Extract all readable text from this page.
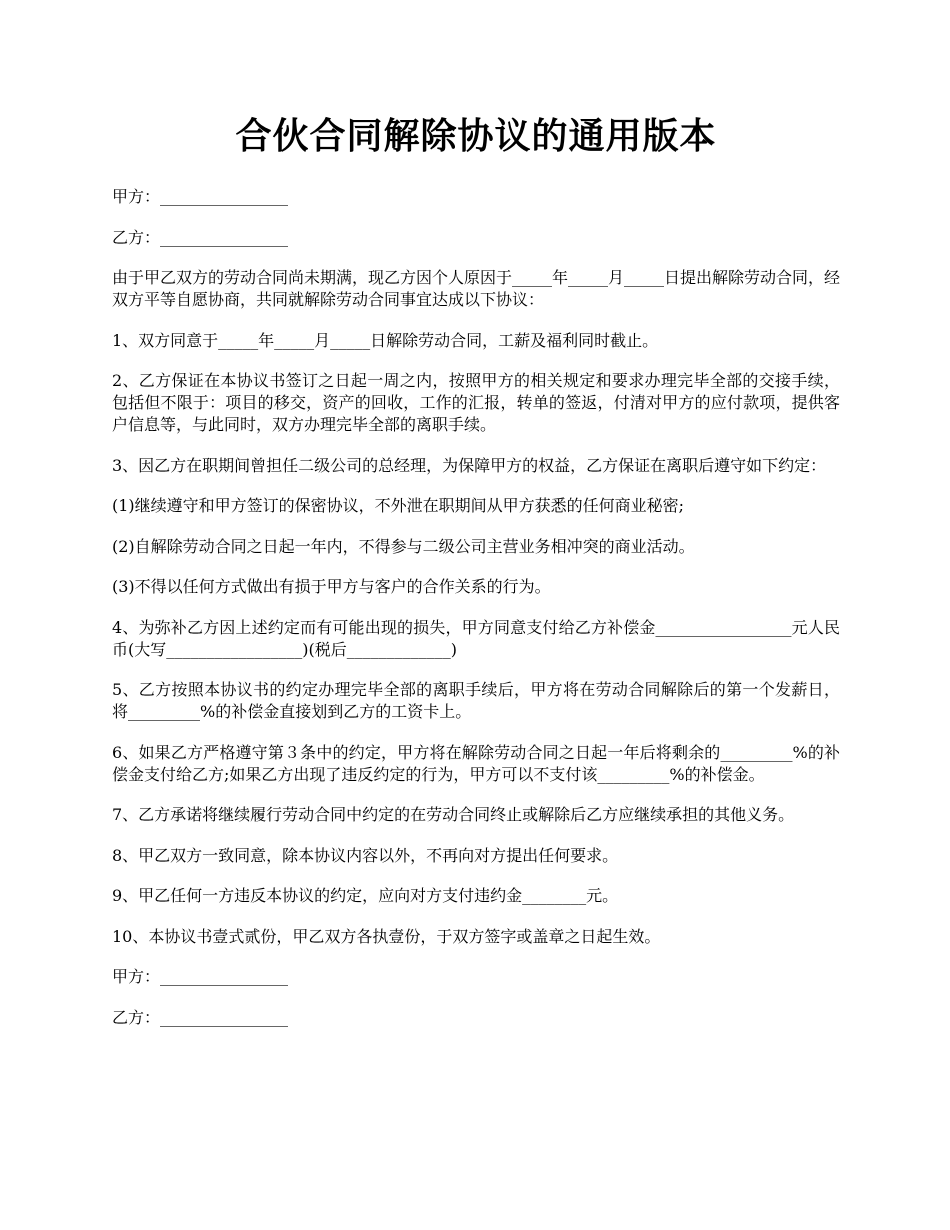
合伙合同解除协议的通用版本

甲方：________________

乙方：________________

由于甲乙双方的劳动合同尚未期满，现乙方因个人原因于_____年_____月_____日提出解除劳动合同，经双方平等自愿协商，共同就解除劳动合同事宜达成以下协议：

1、双方同意于_____年_____月_____日解除劳动合同，工薪及福利同时截止。

2、乙方保证在本协议书签订之日起一周之内，按照甲方的相关规定和要求办理完毕全部的交接手续，包括但不限于：项目的移交，资产的回收，工作的汇报，转单的签返，付清对甲方的应付款项，提供客户信息等，与此同时，双方办理完毕全部的离职手续。

3、因乙方在职期间曾担任二级公司的总经理，为保障甲方的权益，乙方保证在离职后遵守如下约定：

(1)继续遵守和甲方签订的保密协议，不外泄在职期间从甲方获悉的任何商业秘密;

(2)自解除劳动合同之日起一年内，不得参与二级公司主营业务相冲突的商业活动。

(3)不得以任何方式做出有损于甲方与客户的合作关系的行为。

4、为弥补乙方因上述约定而有可能出现的损失，甲方同意支付给乙方补偿金_________________元人民币(大写_________________)(税后_____________)

5、乙方按照本协议书的约定办理完毕全部的离职手续后，甲方将在劳动合同解除后的第一个发薪日，将_________%的补偿金直接划到乙方的工资卡上。

6、如果乙方严格遵守第３条中的约定，甲方将在解除劳动合同之日起一年后将剩余的_________%的补偿金支付给乙方;如果乙方出现了违反约定的行为，甲方可以不支付该_________%的补偿金。

7、乙方承诺将继续履行劳动合同中约定的在劳动合同终止或解除后乙方应继续承担的其他义务。

8、甲乙双方一致同意，除本协议内容以外，不再向对方提出任何要求。

9、甲乙任何一方违反本协议的约定，应向对方支付违约金________元。

10、本协议书壹式贰份，甲乙双方各执壹份，于双方签字或盖章之日起生效。

甲方：________________

乙方：________________
